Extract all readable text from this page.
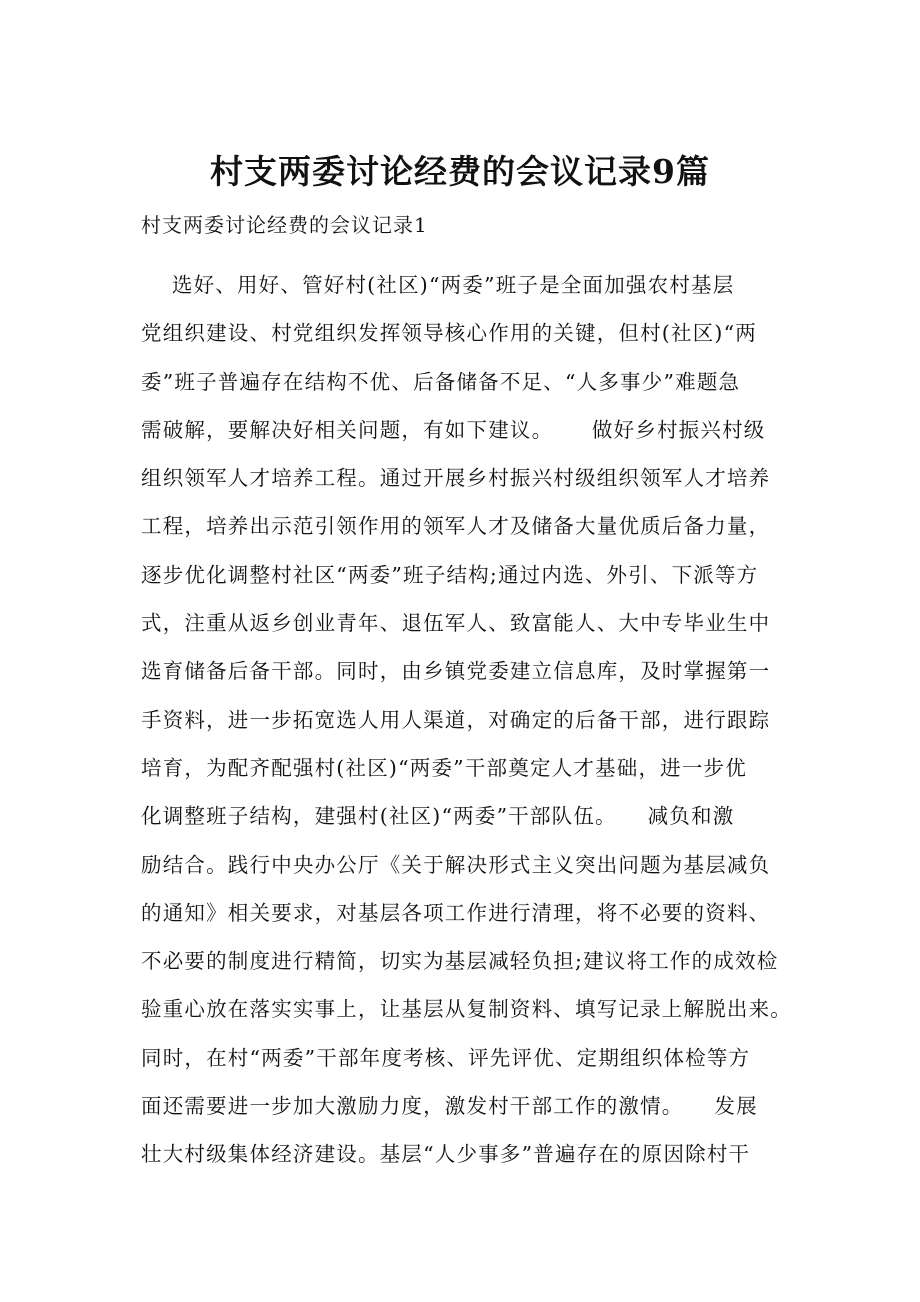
村支两委讨论经费的会议记录9篇
村支两委讨论经费的会议记录1
选好、用好、管好村(社区)“两委”班子是全面加强农村基层
党组织建设、村党组织发挥领导核心作用的关键，但村(社区)“两
委”班子普遍存在结构不优、后备储备不足、“人多事少”难题急
需破解，要解决好相关问题，有如下建议。     做好乡村振兴村级
组织领军人才培养工程。通过开展乡村振兴村级组织领军人才培养
工程，培养出示范引领作用的领军人才及储备大量优质后备力量，
逐步优化调整村社区“两委”班子结构;通过内选、外引、下派等方
式，注重从返乡创业青年、退伍军人、致富能人、大中专毕业生中
选育储备后备干部。同时，由乡镇党委建立信息库，及时掌握第一
手资料，进一步拓宽选人用人渠道，对确定的后备干部，进行跟踪
培育，为配齐配强村(社区)“两委”干部奠定人才基础，进一步优
化调整班子结构，建强村(社区)“两委”干部队伍。    减负和激
励结合。践行中央办公厅《关于解决形式主义突出问题为基层减负
的通知》相关要求，对基层各项工作进行清理，将不必要的资料、
不必要的制度进行精简，切实为基层减轻负担;建议将工作的成效检
验重心放在落实实事上，让基层从复制资料、填写记录上解脱出来。
同时，在村“两委”干部年度考核、评先评优、定期组织体检等方
面还需要进一步加大激励力度，激发村干部工作的激情。    发展
壮大村级集体经济建设。基层“人少事多”普遍存在的原因除村干
